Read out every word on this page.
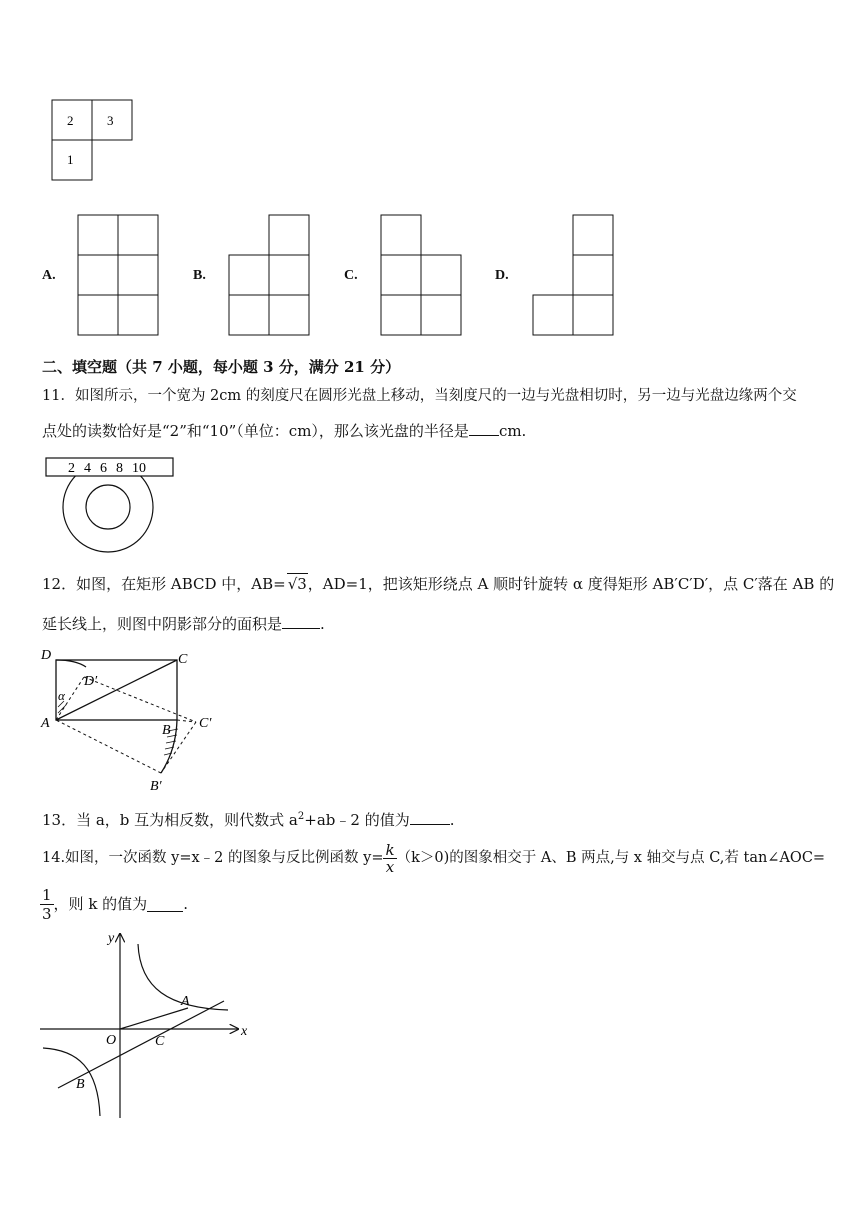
2	3
1
A.	B.	C.	D.
二、填空题（共 7 小题，每小题 3 分，满分 21 分）
11．如图所示，一个宽为 2cm 的刻度尺在圆形光盘上移动，当刻度尺的一边与光盘相切时，另一边与光盘边缘两个交
点处的读数恰好是“2”和“10”（单位：cm），那么该光盘的半径是 cm.
2 4 6 8 10
12．如图，在矩形 ABCD 中，AB= √3，AD=1，把该矩形绕点 A 顺时针旋转 α 度得矩形 AB′C′D′，点 C′落在 AB 的
延长线上，则图中阴影部分的面积是	.
D	C
D′
α
A	B C′
B′
13．当 a，b 互为相反数，则代数式 $a^2+ab﹣2$ 的值为	.
14.如图，一次函数 y=x﹣2 的图象与反比例函数 $y= \frac{k}{x} (k>0)$的图象相交于 A、B 两点,与 x 轴交与点 C,若 tan∠AOC=
$\frac{1}{3}$ ，则 k 的值为 .
y
x
O	C
A
B
